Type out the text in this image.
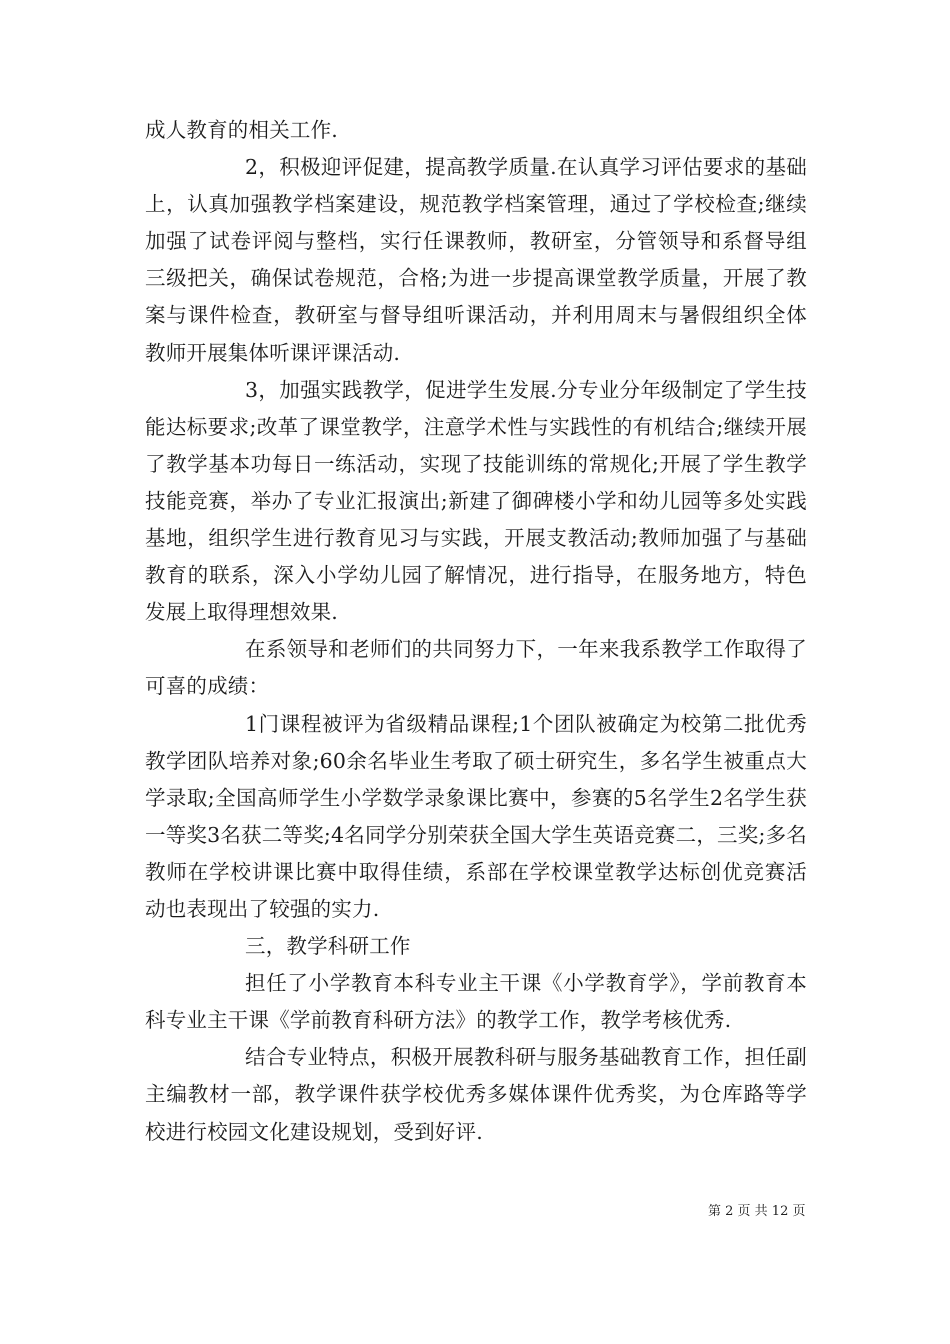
成人教育的相关工作.

2，积极迎评促建，提高教学质量.在认真学习评估要求的基础上，认真加强教学档案建设，规范教学档案管理，通过了学校检查;继续加强了试卷评阅与整档，实行任课教师，教研室，分管领导和系督导组三级把关，确保试卷规范，合格;为进一步提高课堂教学质量，开展了教案与课件检查，教研室与督导组听课活动，并利用周末与暑假组织全体教师开展集体听课评课活动.

3，加强实践教学，促进学生发展.分专业分年级制定了学生技能达标要求;改革了课堂教学，注意学术性与实践性的有机结合;继续开展了教学基本功每日一练活动，实现了技能训练的常规化;开展了学生教学技能竞赛，举办了专业汇报演出;新建了御碑楼小学和幼儿园等多处实践基地，组织学生进行教育见习与实践，开展支教活动;教师加强了与基础教育的联系，深入小学幼儿园了解情况，进行指导，在服务地方，特色发展上取得理想效果.

在系领导和老师们的共同努力下，一年来我系教学工作取得了可喜的成绩：

1门课程被评为省级精品课程;1个团队被确定为校第二批优秀教学团队培养对象;60余名毕业生考取了硕士研究生，多名学生被重点大学录取;全国高师学生小学数学录象课比赛中，参赛的5名学生2名学生获一等奖3名获二等奖;4名同学分别荣获全国大学生英语竞赛二，三奖;多名教师在学校讲课比赛中取得佳绩，系部在学校课堂教学达标创优竞赛活动也表现出了较强的实力.

三，教学科研工作

担任了小学教育本科专业主干课《小学教育学》，学前教育本科专业主干课《学前教育科研方法》的教学工作，教学考核优秀.

结合专业特点，积极开展教科研与服务基础教育工作，担任副主编教材一部，教学课件获学校优秀多媒体课件优秀奖，为仓库路等学校进行校园文化建设规划，受到好评.

第 2 页 共 12 页
